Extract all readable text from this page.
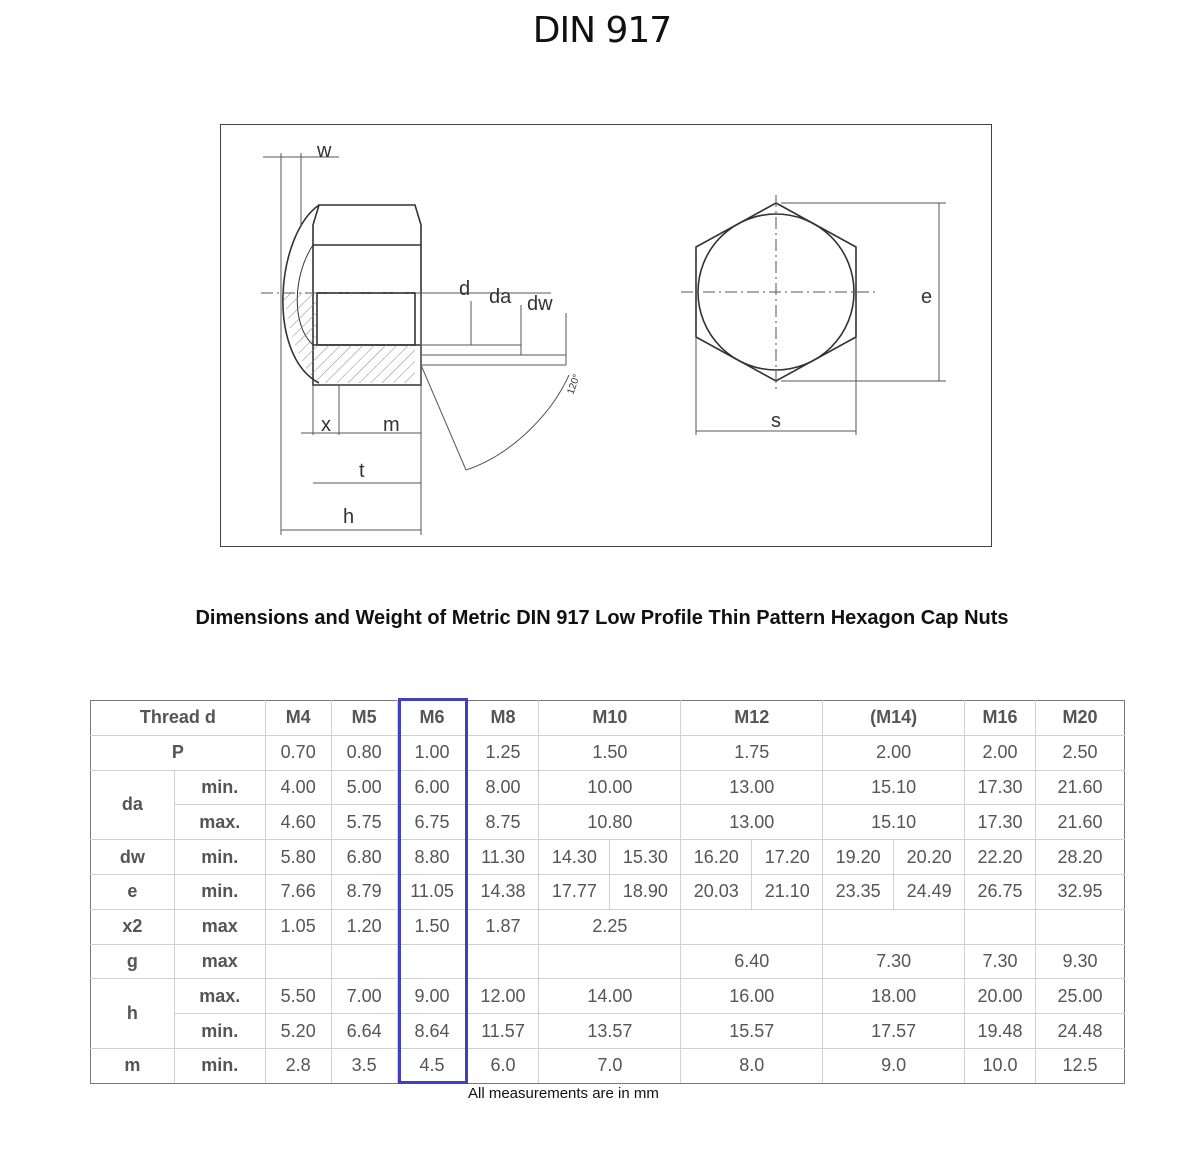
DIN 917
w
d da dw
120°
x	m
t
h
e
s
Dimensions and Weight of Metric DIN 917 Low Profile Thin Pattern Hexagon Cap Nuts
Thread d		M4	M5	M6	M8	M10		M12		(M14)		M16	M20
P		0.70	0.80	1.00	1.25	1.50		1.75		2.00		2.00	2.50
da	min.	4.00	5.00	6.00	8.00	10.00		13.00		15.10		17.30	21.60
	max.	4.60	5.75	6.75	8.75	10.80		13.00		15.10		17.30	21.60
dw	min.	5.80	6.80	8.80	11.30	14.30	15.30	16.20	17.20	19.20	20.20	22.20	28.20
e	min.	7.66	8.79	11.05	14.38	17.77	18.90	20.03	21.10	23.35	24.49	26.75	32.95
x2	max	1.05	1.20	1.50	1.87	2.25							
g	max							6.40		7.30		7.30	9.30
h	max.	5.50	7.00	9.00	12.00	14.00		16.00		18.00		20.00	25.00
	min.	5.20	6.64	8.64	11.57	13.57		15.57		17.57		19.48	24.48
m	min.	2.8	3.5	4.5	6.0	7.0		8.0		9.0		10.0	12.5
All measurements are in mm
